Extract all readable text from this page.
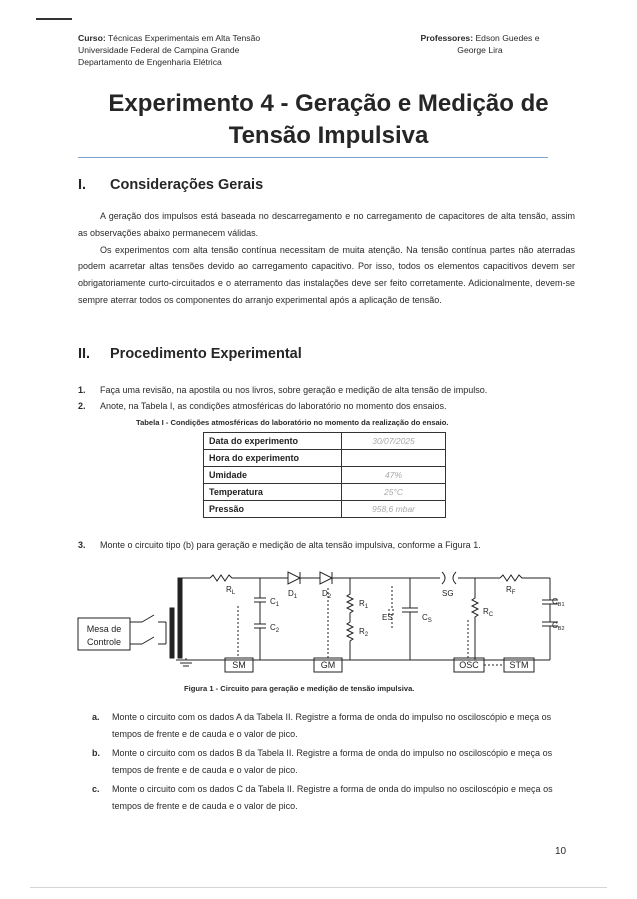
Curso: Técnicas Experimentais em Alta Tensão
Universidade Federal de Campina Grande
Departamento de Engenharia Elétrica
Professores: Edson Guedes e
George Lira
Experimento 4 - Geração e Medição de
Tensão Impulsiva
I. Considerações Gerais

A geração dos impulsos está baseada no descarregamento e no carregamento de capacitores de alta tensão, assim as observações abaixo permanecem válidas.

Os experimentos com alta tensão contínua necessitam de muita atenção. Na tensão contínua partes não aterradas podem acarretar altas tensões devido ao carregamento capacitivo. Por isso, todos os elementos capacitivos devem ser obrigatoriamente curto-circuitados e o aterramento das instalações deve ser feito corretamente. Adicionalmente, devem-se sempre aterrar todos os componentes do arranjo experimental após a aplicação de tensão.

II. Procedimento Experimental
1. Faça uma revisão, na apostila ou nos livros, sobre geração e medição de alta tensão de impulso.
2. Anote, na Tabela I, as condições atmosféricas do laboratório no momento dos ensaios.
Tabela I - Condições atmosféricas do laboratório no momento da realização do ensaio.
Data do experimento	30/07/2025
Hora do experimento	
Umidade	47%
Temperatura	25°C
Pressão	958,6 mbar
3. Monte o circuito tipo (b) para geração e medição de alta tensão impulsiva, conforme a Figura 1.
Mesa de
Controle
$R_L$
$C_1$
$C_2$
$D_1$	$D_2$
$R_1$
$R_2$
ES	$C_S$
SG
$R_C$
$R_F$
$C_{B1}$
$C_{B2}$
SM	GM	OSC	STM
Figura 1 - Circuito para geração e medição de tensão impulsiva.
a. Monte o circuito com os dados A da Tabela II. Registre a forma de onda do impulso no osciloscópio e meça os tempos de frente e de cauda e o valor de pico.
b. Monte o circuito com os dados B da Tabela II. Registre a forma de onda do impulso no osciloscópio e meça os tempos de frente e de cauda e o valor de pico.
c. Monte o circuito com os dados C da Tabela II. Registre a forma de onda do impulso no osciloscópio e meça os tempos de frente e de cauda e o valor de pico.
10
